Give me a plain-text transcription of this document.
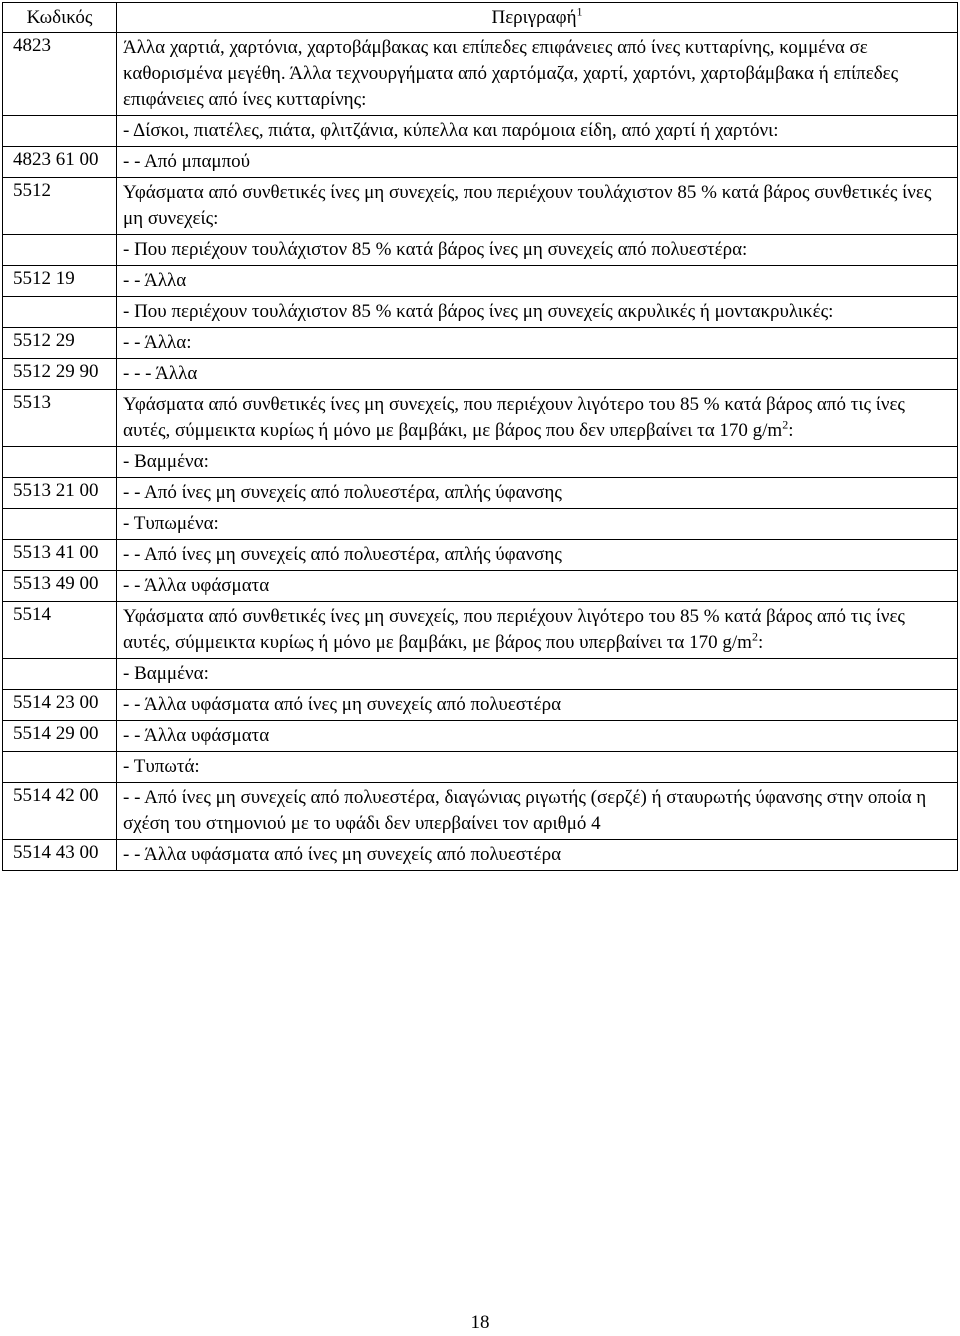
Κωδικός	Περιγραφή$^1$
4823	Άλλα χαρτιά, χαρτόνια, χαρτοβάμβακας και επίπεδες επιφάνειες από ίνες κυτταρίνης, κομμένα σε καθορισμένα μεγέθη. Άλλα τεχνουργήματα από χαρτόμαζα, χαρτί, χαρτόνι, χαρτοβάμβακα ή επίπεδες επιφάνειες από ίνες κυτταρίνης:
	- Δίσκοι, πιατέλες, πιάτα, φλιτζάνια, κύπελλα και παρόμοια είδη, από χαρτί ή χαρτόνι:
4823 61 00	- - Από μπαμπού
5512	Υφάσματα από συνθετικές ίνες μη συνεχείς, που περιέχουν τουλάχιστον 85 % κατά βάρος συνθετικές ίνες μη συνεχείς:
	- Που περιέχουν τουλάχιστον 85 % κατά βάρος ίνες μη συνεχείς από πολυεστέρα:
5512 19	- - Άλλα
	- Που περιέχουν τουλάχιστον 85 % κατά βάρος ίνες μη συνεχείς ακρυλικές ή μοντακρυλικές:
5512 29	- - Άλλα:
5512 29 90	- - - Άλλα
5513	Υφάσματα από συνθετικές ίνες μη συνεχείς, που περιέχουν λιγότερο του 85 % κατά βάρος από τις ίνες αυτές, σύμμεικτα κυρίως ή μόνο με βαμβάκι, με βάρος που δεν υπερβαίνει τα 170 $g/m^2$:
	- Βαμμένα:
5513 21 00	- - Από ίνες μη συνεχείς από πολυεστέρα, απλής ύφανσης
	- Τυπωμένα:
5513 41 00	- - Από ίνες μη συνεχείς από πολυεστέρα, απλής ύφανσης
5513 49 00	- - Άλλα υφάσματα
5514	Υφάσματα από συνθετικές ίνες μη συνεχείς, που περιέχουν λιγότερο του 85 % κατά βάρος από τις ίνες αυτές, σύμμεικτα κυρίως ή μόνο με βαμβάκι, με βάρος που υπερβαίνει τα 170 $g/m^2$:
	- Βαμμένα:
5514 23 00	- - Άλλα υφάσματα από ίνες μη συνεχείς από πολυεστέρα
5514 29 00	- - Άλλα υφάσματα
	- Τυπωτά:
5514 42 00	- - Από ίνες μη συνεχείς από πολυεστέρα, διαγώνιας ριγωτής (σερζέ) ή σταυρωτής ύφανσης στην οποία η σχέση του στημονιού με το υφάδι δεν υπερβαίνει τον αριθμό 4
5514 43 00	- - Άλλα υφάσματα από ίνες μη συνεχείς από πολυεστέρα
18
